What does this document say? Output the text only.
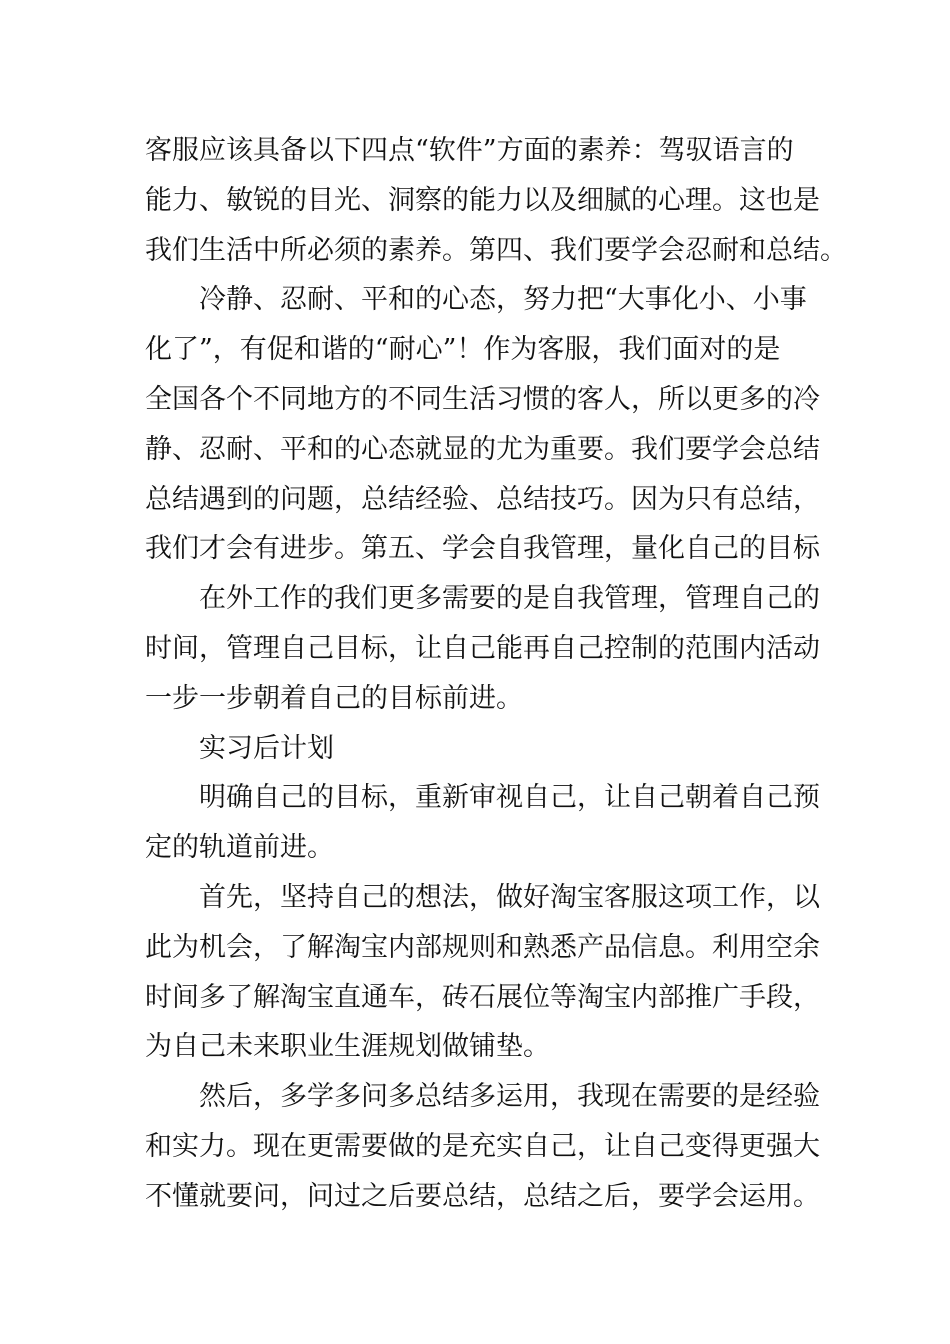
客服应该具备以下四点“软件”方面的素养：驾驭语言的
能力、敏锐的目光、洞察的能力以及细腻的心理。这也是
我们生活中所必须的素养。第四、我们要学会忍耐和总结。
冷静、忍耐、平和的心态，努力把“大事化小、小事
化了”，有促和谐的“耐心”！作为客服，我们面对的是
全国各个不同地方的不同生活习惯的客人，所以更多的冷
静、忍耐、平和的心态就显的尤为重要。我们要学会总结
总结遇到的问题，总结经验、总结技巧。因为只有总结，
我们才会有进步。第五、学会自我管理，量化自己的目标
在外工作的我们更多需要的是自我管理，管理自己的
时间，管理自己目标，让自己能再自己控制的范围内活动
一步一步朝着自己的目标前进。
实习后计划
明确自己的目标，重新审视自己，让自己朝着自己预
定的轨道前进。
首先，坚持自己的想法，做好淘宝客服这项工作，以
此为机会，了解淘宝内部规则和熟悉产品信息。利用空余
时间多了解淘宝直通车，砖石展位等淘宝内部推广手段，
为自己未来职业生涯规划做铺垫。
然后，多学多问多总结多运用，我现在需要的是经验
和实力。现在更需要做的是充实自己，让自己变得更强大
不懂就要问，问过之后要总结，总结之后，要学会运用。
